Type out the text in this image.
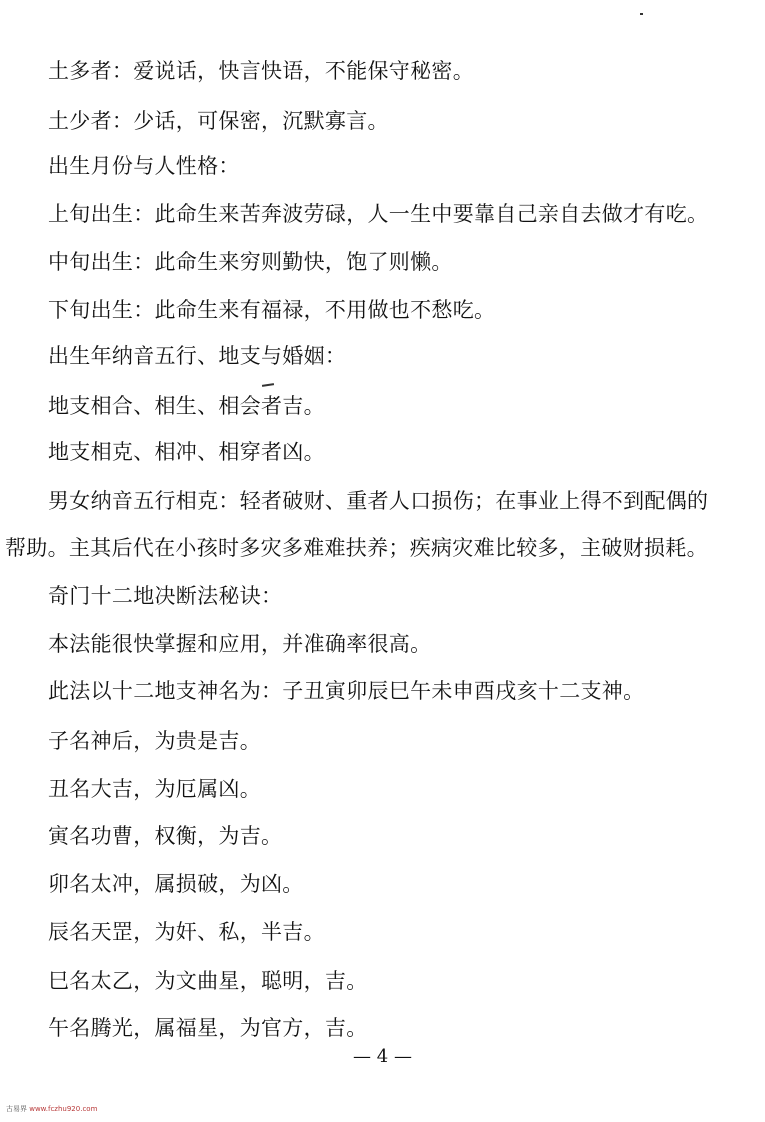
土多者：爱说话，快言快语，不能保守秘密。
土少者：少话，可保密，沉默寡言。
出生月份与人性格：
上旬出生：此命生来苦奔波劳碌，人一生中要靠自己亲自去做才有吃。
中旬出生：此命生来穷则勤快，饱了则懒。
下旬出生：此命生来有福禄，不用做也不愁吃。
出生年纳音五行、地支与婚姻：
地支相合、相生、相会者吉。
地支相克、相冲、相穿者凶。
男女纳音五行相克：轻者破财、重者人口损伤；在事业上得不到配偶的
帮助。主其后代在小孩时多灾多难难扶养；疾病灾难比较多，主破财损耗。
奇门十二地决断法秘诀：
本法能很快掌握和应用，并准确率很高。
此法以十二地支神名为：子丑寅卯辰巳午未申酉戌亥十二支神。
子名神后，为贵是吉。
丑名大吉，为厄属凶。
寅名功曹，权衡，为吉。
卯名太冲，属损破，为凶。
辰名天罡，为奸、私，半吉。
巳名太乙，为文曲星，聪明，吉。
午名腾光，属福星，为官方，吉。
— 4 —
古易界 www.fczhu920.com
